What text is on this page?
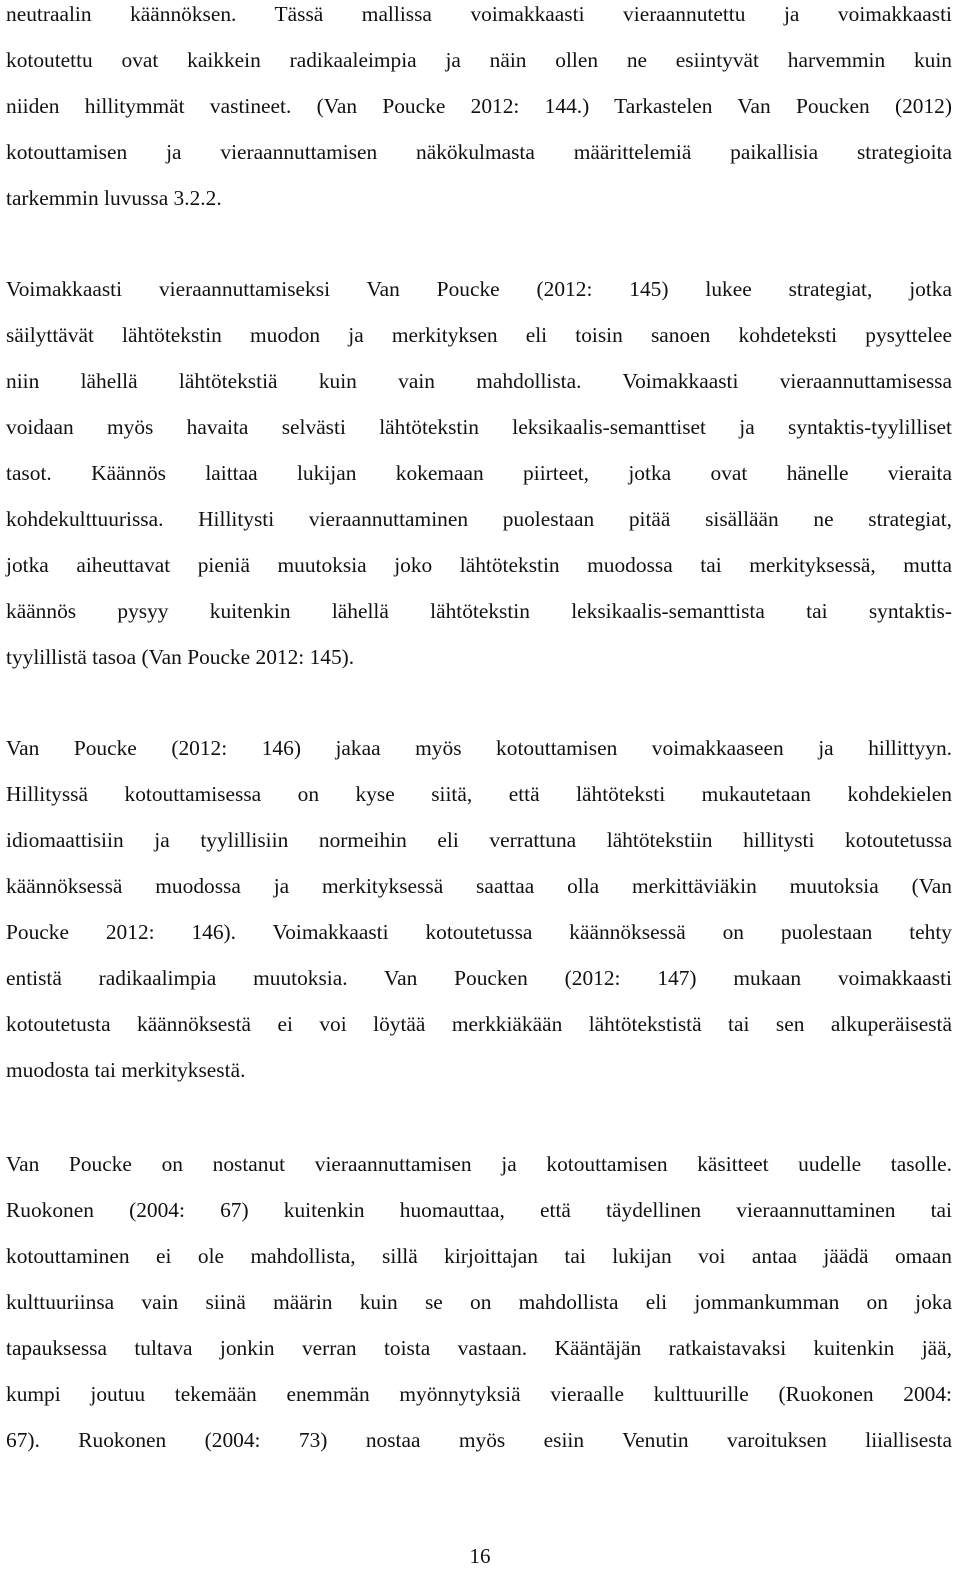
neutraalin käännöksen. Tässä mallissa voimakkaasti vieraannutettu ja voimakkaasti
kotoutettu ovat kaikkein radikaaleimpia ja näin ollen ne esiintyvät harvemmin kuin
niiden hillitymmät vastineet. (Van Poucke 2012: 144.) Tarkastelen Van Poucken (2012)
kotouttamisen ja vieraannuttamisen näkökulmasta määrittelemiä paikallisia strategioita
tarkemmin luvussa 3.2.2.
Voimakkaasti vieraannuttamiseksi Van Poucke (2012: 145) lukee strategiat, jotka
säilyttävät lähtötekstin muodon ja merkityksen eli toisin sanoen kohdeteksti pysyttelee
niin lähellä lähtötekstiä kuin vain mahdollista. Voimakkaasti vieraannuttamisessa
voidaan myös havaita selvästi lähtötekstin leksikaalis-semanttiset ja syntaktis-tyylilliset
tasot. Käännös laittaa lukijan kokemaan piirteet, jotka ovat hänelle vieraita
kohdekulttuurissa. Hillitysti vieraannuttaminen puolestaan pitää sisällään ne strategiat,
jotka aiheuttavat pieniä muutoksia joko lähtötekstin muodossa tai merkityksessä, mutta
käännös pysyy kuitenkin lähellä lähtötekstin leksikaalis-semanttista tai syntaktis-
tyylillistä tasoa (Van Poucke 2012: 145).
Van Poucke (2012: 146) jakaa myös kotouttamisen voimakkaaseen ja hillittyyn.
Hillityssä kotouttamisessa on kyse siitä, että lähtöteksti mukautetaan kohdekielen
idiomaattisiin ja tyylillisiin normeihin eli verrattuna lähtötekstiin hillitysti kotoutetussa
käännöksessä muodossa ja merkityksessä saattaa olla merkittäviäkin muutoksia (Van
Poucke 2012: 146). Voimakkaasti kotoutetussa käännöksessä on puolestaan tehty
entistä radikaalimpia muutoksia. Van Poucken (2012: 147) mukaan voimakkaasti
kotoutetusta käännöksestä ei voi löytää merkkiäkään lähtötekstistä tai sen alkuperäisestä
muodosta tai merkityksestä.
Van Poucke on nostanut vieraannuttamisen ja kotouttamisen käsitteet uudelle tasolle.
Ruokonen (2004: 67) kuitenkin huomauttaa, että täydellinen vieraannuttaminen tai
kotouttaminen ei ole mahdollista, sillä kirjoittajan tai lukijan voi antaa jäädä omaan
kulttuuriinsa vain siinä määrin kuin se on mahdollista eli jommankumman on joka
tapauksessa tultava jonkin verran toista vastaan. Kääntäjän ratkaistavaksi kuitenkin jää,
kumpi joutuu tekemään enemmän myönnytyksiä vieraalle kulttuurille (Ruokonen 2004:
67). Ruokonen (2004: 73) nostaa myös esiin Venutin varoituksen liiallisesta
16
